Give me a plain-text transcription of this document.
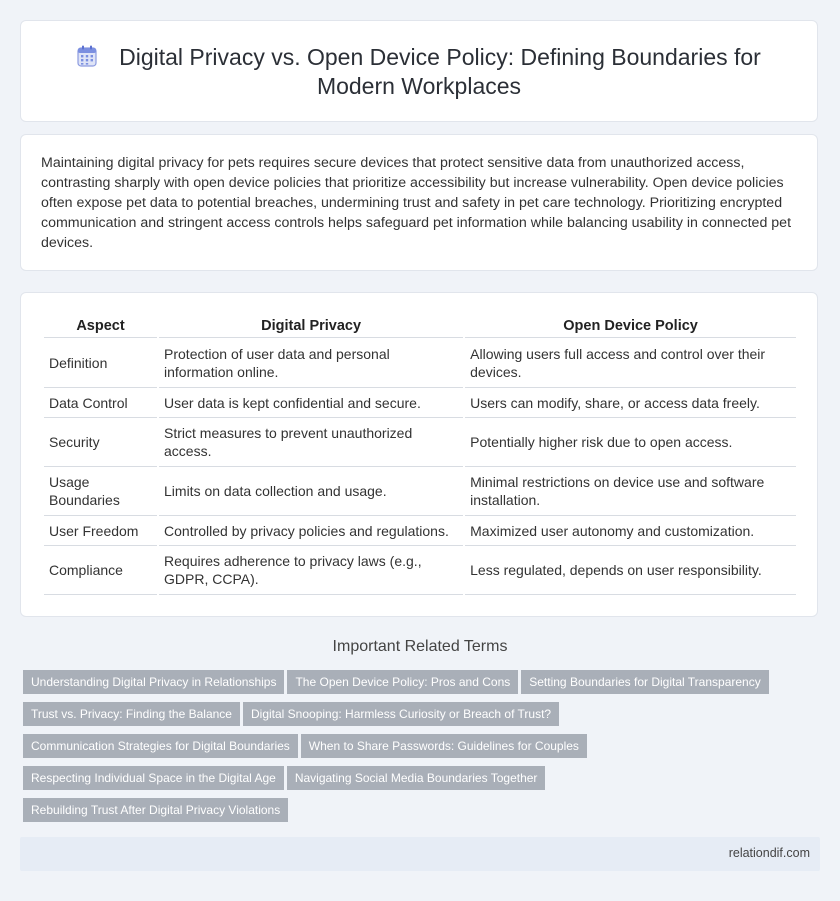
Digital Privacy vs. Open Device Policy: Defining Boundaries for
Modern Workplaces

Maintaining digital privacy for pets requires secure devices that protect sensitive data from unauthorized access, contrasting sharply with open device policies that prioritize accessibility but increase vulnerability. Open device policies often expose pet data to potential breaches, undermining trust and safety in pet care technology. Prioritizing encrypted communication and stringent access controls helps safeguard pet information while balancing usability in connected pet devices.

Aspect	Digital Privacy	Open Device Policy
Definition	Protection of user data and personal information online.	Allowing users full access and control over their devices.
Data Control	User data is kept confidential and secure.	Users can modify, share, or access data freely.
Security	Strict measures to prevent unauthorized access.	Potentially higher risk due to open access.
Usage Boundaries	Limits on data collection and usage.	Minimal restrictions on device use and software installation.
User Freedom	Controlled by privacy policies and regulations.	Maximized user autonomy and customization.
Compliance	Requires adherence to privacy laws (e.g., GDPR, CCPA).	Less regulated, depends on user responsibility.
Important Related Terms
Understanding Digital Privacy in Relationships The Open Device Policy: Pros and Cons Setting Boundaries for Digital Transparency
Trust vs. Privacy: Finding the Balance Digital Snooping: Harmless Curiosity or Breach of Trust?
Communication Strategies for Digital Boundaries When to Share Passwords: Guidelines for Couples
Respecting Individual Space in the Digital Age Navigating Social Media Boundaries Together
Rebuilding Trust After Digital Privacy Violations
relationdif.com
